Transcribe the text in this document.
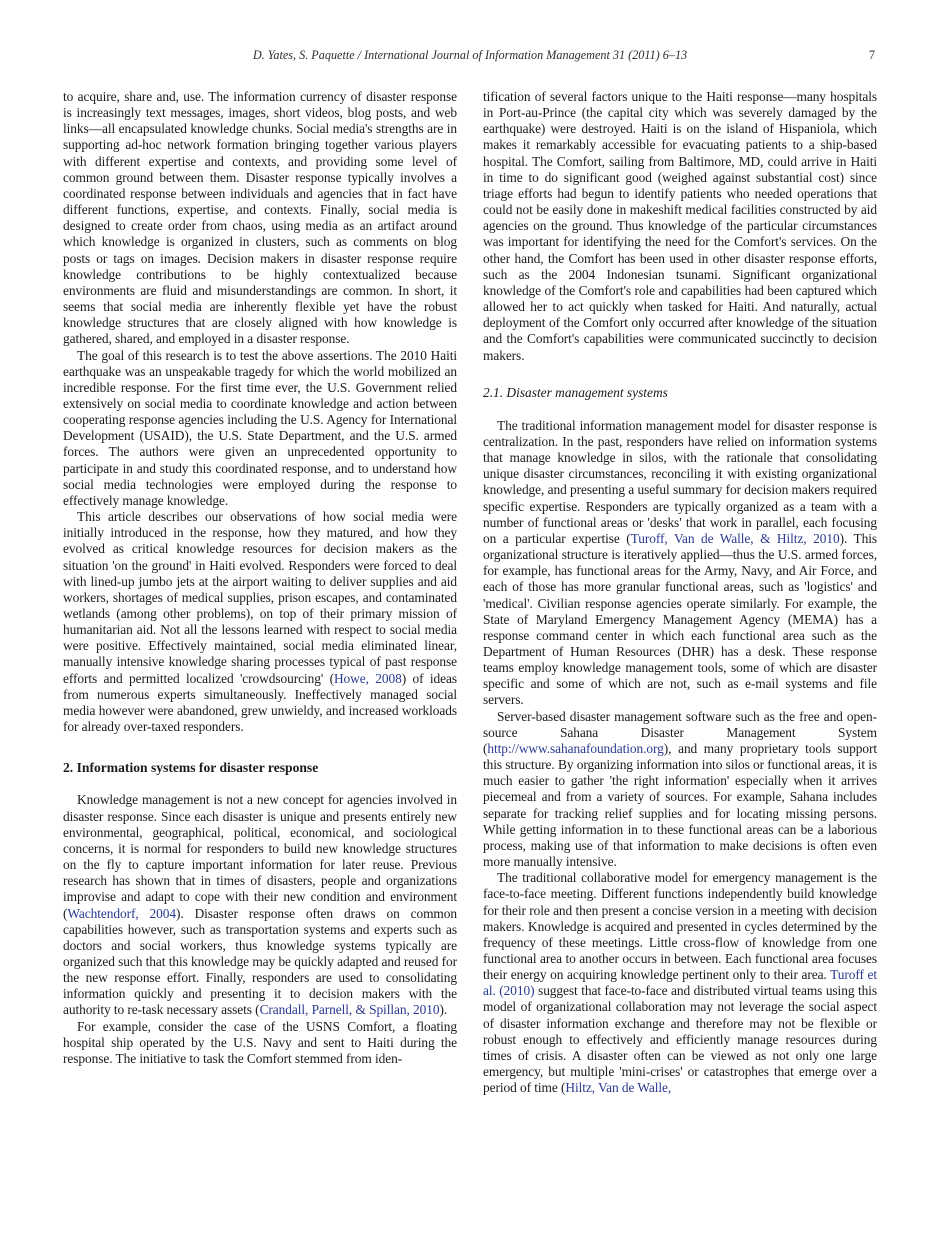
D. Yates, S. Paquette / International Journal of Information Management 31 (2011) 6–13	7

to acquire, share and, use. The information currency of disaster response is increasingly text messages, images, short videos, blog posts, and web links—all encapsulated knowledge chunks. Social media's strengths are in supporting ad-hoc network formation bringing together various players with different expertise and contexts, and providing some level of common ground between them. Disaster response typically involves a coordinated response between individuals and agencies that in fact have different functions, expertise, and contexts. Finally, social media is designed to create order from chaos, using media as an artifact around which knowledge is organized in clusters, such as comments on blog posts or tags on images. Decision makers in disaster response require knowledge contributions to be highly contextualized because environments are fluid and misunderstandings are common. In short, it seems that social media are inherently flexible yet have the robust knowledge structures that are closely aligned with how knowledge is gathered, shared, and employed in a disaster response.

The goal of this research is to test the above assertions. The 2010 Haiti earthquake was an unspeakable tragedy for which the world mobilized an incredible response. For the first time ever, the U.S. Government relied extensively on social media to coordinate knowledge and action between cooperating response agencies including the U.S. Agency for International Development (USAID), the U.S. State Department, and the U.S. armed forces. The authors were given an unprecedented opportunity to participate in and study this coordinated response, and to understand how social media technologies were employed during the response to effectively manage knowledge.

This article describes our observations of how social media were initially introduced in the response, how they matured, and how they evolved as critical knowledge resources for decision makers as the situation 'on the ground' in Haiti evolved. Responders were forced to deal with lined-up jumbo jets at the airport waiting to deliver supplies and aid workers, shortages of medical supplies, prison escapes, and contaminated wetlands (among other problems), on top of their primary mission of humanitarian aid. Not all the lessons learned with respect to social media were positive. Effectively maintained, social media eliminated linear, manually intensive knowledge sharing processes typical of past response efforts and permitted localized 'crowdsourcing' (Howe, 2008) of ideas from numerous experts simultaneously. Ineffectively managed social media however were abandoned, grew unwieldy, and increased workloads for already over-taxed responders.

2. Information systems for disaster response

Knowledge management is not a new concept for agencies involved in disaster response. Since each disaster is unique and presents entirely new environmental, geographical, political, economical, and sociological concerns, it is normal for responders to build new knowledge structures on the fly to capture important information for later reuse. Previous research has shown that in times of disasters, people and organizations improvise and adapt to cope with their new condition and environment (Wachtendorf, 2004). Disaster response often draws on common capabilities however, such as transportation systems and experts such as doctors and social workers, thus knowledge systems typically are organized such that this knowledge may be quickly adapted and reused for the new response effort. Finally, responders are used to consolidating information quickly and presenting it to decision makers with the authority to re-task necessary assets (Crandall, Parnell, & Spillan, 2010).

For example, consider the case of the USNS Comfort, a floating hospital ship operated by the U.S. Navy and sent to Haiti during the response. The initiative to task the Comfort stemmed from iden-

tification of several factors unique to the Haiti response—many hospitals in Port-au-Prince (the capital city which was severely damaged by the earthquake) were destroyed. Haiti is on the island of Hispaniola, which makes it remarkably accessible for evacuating patients to a ship-based hospital. The Comfort, sailing from Baltimore, MD, could arrive in Haiti in time to do significant good (weighed against substantial cost) since triage efforts had begun to identify patients who needed operations that could not be easily done in makeshift medical facilities constructed by aid agencies on the ground. Thus knowledge of the particular circumstances was important for identifying the need for the Comfort's services. On the other hand, the Comfort has been used in other disaster response efforts, such as the 2004 Indonesian tsunami. Significant organizational knowledge of the Comfort's role and capabilities had been captured which allowed her to act quickly when tasked for Haiti. And naturally, actual deployment of the Comfort only occurred after knowledge of the situation and the Comfort's capabilities were communicated succinctly to decision makers.

2.1. Disaster management systems

The traditional information management model for disaster response is centralization. In the past, responders have relied on information systems that manage knowledge in silos, with the rationale that consolidating unique disaster circumstances, reconciling it with existing organizational knowledge, and presenting a useful summary for decision makers required specific expertise. Responders are typically organized as a team with a number of functional areas or 'desks' that work in parallel, each focusing on a particular expertise (Turoff, Van de Walle, & Hiltz, 2010). This organizational structure is iteratively applied—thus the U.S. armed forces, for example, has functional areas for the Army, Navy, and Air Force, and each of those has more granular functional areas, such as 'logistics' and 'medical'. Civilian response agencies operate similarly. For example, the State of Maryland Emergency Management Agency (MEMA) has a response command center in which each functional area such as the Department of Human Resources (DHR) has a desk. These response teams employ knowledge management tools, some of which are disaster specific and some of which are not, such as e-mail systems and file servers.

Server-based disaster management software such as the free and open-source Sahana Disaster Management System (http://www.sahanafoundation.org), and many proprietary tools support this structure. By organizing information into silos or functional areas, it is much easier to gather 'the right information' especially when it arrives piecemeal and from a variety of sources. For example, Sahana includes separate for tracking relief supplies and for locating missing persons. While getting information in to these functional areas can be a laborious process, making use of that information to make decisions is often even more manually intensive.

The traditional collaborative model for emergency management is the face-to-face meeting. Different functions independently build knowledge for their role and then present a concise version in a meeting with decision makers. Knowledge is acquired and presented in cycles determined by the frequency of these meetings. Little cross-flow of knowledge from one functional area to another occurs in between. Each functional area focuses their energy on acquiring knowledge pertinent only to their area. Turoff et al. (2010) suggest that face-to-face and distributed virtual teams using this model of organizational collaboration may not leverage the social aspect of disaster information exchange and therefore may not be flexible or robust enough to effectively and efficiently manage resources during times of crisis. A disaster often can be viewed as not only one large emergency, but multiple 'mini-crises' or catastrophes that emerge over a period of time (Hiltz, Van de Walle,
